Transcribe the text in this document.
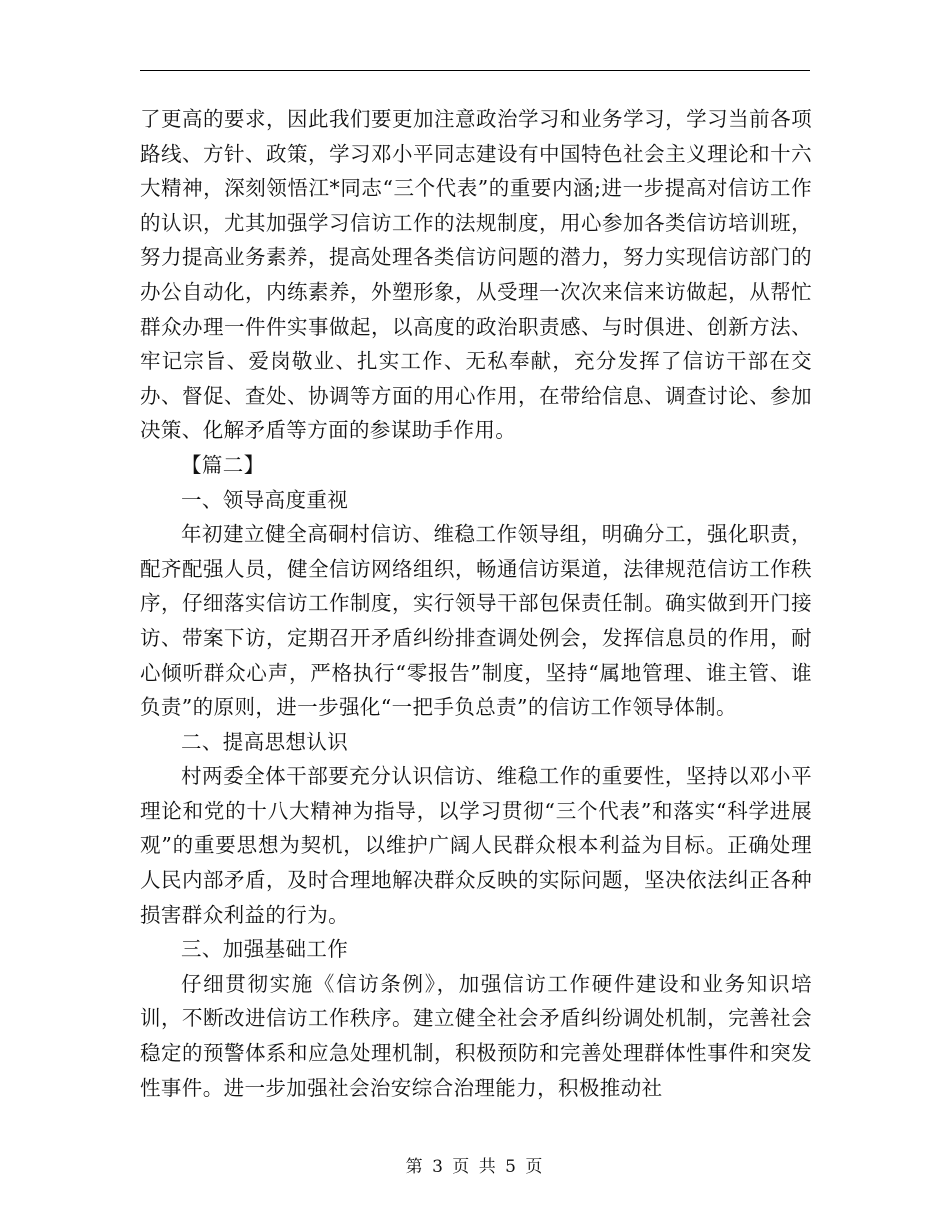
了更高的要求，因此我们要更加注意政治学习和业务学习，学习当前各项路线、方针、政策，学习邓小平同志建设有中国特色社会主义理论和十六大精神，深刻领悟江*同志“三个代表”的重要内涵;进一步提高对信访工作的认识，尤其加强学习信访工作的法规制度，用心参加各类信访培训班，努力提高业务素养，提高处理各类信访问题的潜力，努力实现信访部门的办公自动化，内练素养，外塑形象，从受理一次次来信来访做起，从帮忙群众办理一件件实事做起，以高度的政治职责感、与时俱进、创新方法、牢记宗旨、爱岗敬业、扎实工作、无私奉献，充分发挥了信访干部在交办、督促、查处、协调等方面的用心作用，在带给信息、调查讨论、参加决策、化解矛盾等方面的参谋助手作用。

【篇二】

一、领导高度重视

年初建立健全高硐村信访、维稳工作领导组，明确分工，强化职责，配齐配强人员，健全信访网络组织，畅通信访渠道，法律规范信访工作秩序，仔细落实信访工作制度，实行领导干部包保责任制。确实做到开门接访、带案下访，定期召开矛盾纠纷排查调处例会，发挥信息员的作用，耐心倾听群众心声，严格执行“零报告”制度，坚持“属地管理、谁主管、谁负责”的原则，进一步强化“一把手负总责”的信访工作领导体制。

二、提高思想认识

村两委全体干部要充分认识信访、维稳工作的重要性，坚持以邓小平理论和党的十八大精神为指导，以学习贯彻“三个代表”和落实“科学进展观”的重要思想为契机，以维护广阔人民群众根本利益为目标。正确处理人民内部矛盾，及时合理地解决群众反映的实际问题，坚决依法纠正各种损害群众利益的行为。

三、加强基础工作

仔细贯彻实施《信访条例》，加强信访工作硬件建设和业务知识培训，不断改进信访工作秩序。建立健全社会矛盾纠纷调处机制，完善社会稳定的预警体系和应急处理机制，积极预防和完善处理群体性事件和突发性事件。进一步加强社会治安综合治理能力，积极推动社

第 3 页 共 5 页
